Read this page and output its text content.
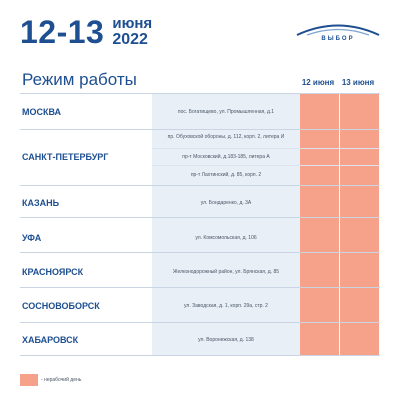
12-13 июня
2022	ВЫБОР
Режим работы	12 июня 13 июня
МОСКВА	пос. Богатищево, ул. Промышленная, д.1
САНКТ-ПЕТЕРБУРГ
пр. Обуховской обороны, д. 112, корп. 2, литера И
пр-т Московский, д.183-185, литера А
пр-т Лахтинский, д. 85, корп. 2
КАЗАНЬ	ул. Бондаренко, д. 3А
УФА	ул. Комсомольская, д. 106
КРАСНОЯРСК	Железнодорожный район, ул. Брянская, д. 85
СОСНОВОБОРСК	ул. Заводская, д. 1, корп. 29а, стр. 2
ХАБАРОВСК	ул. Воронежская, д. 138
- нерабочий день
